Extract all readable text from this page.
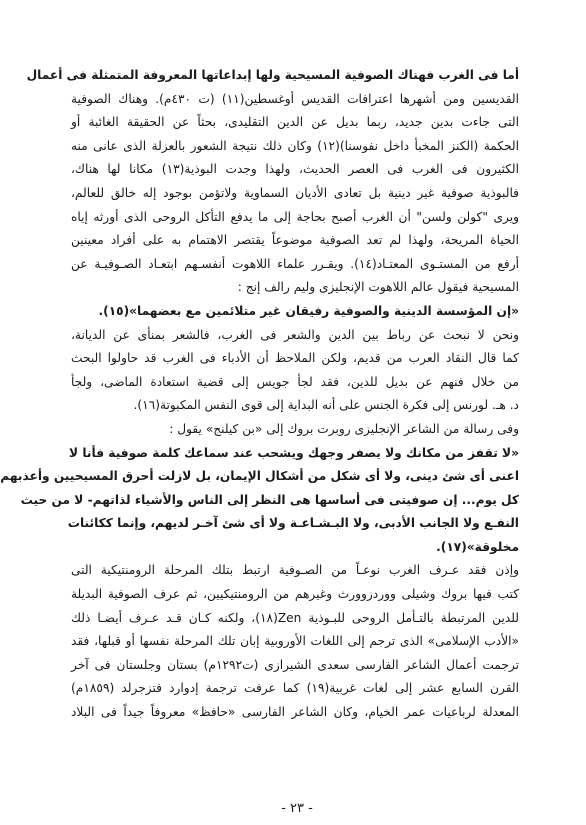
أما فى الغرب فهناك الصوفية المسيحية ولها إبداعاتها المعروفة المتمثلة فى أعمال
القديسين ومن أشهرها اعترافات القديس أوغسطين(١١) (ت ٤٣٠م). وهناك الصوفية
التى جاءت بدين جديد، ربما بديل عن الدين التقليدى، بحثاً عن الحقيقة الغائبة أو
الحكمة (الكنز المخبأ داخل نفوسنا)(١٢) وكان ذلك نتيجة الشعور بالعزلة الذى عانى منه
الكثيرون فى الغرب فى العصر الحديث، ولهذا وجدت البوذية(١٣) مكانا لها هناك،
فالبوذية صوفية غير دينية بل تعادى الأديان السماوية ولاتؤمن بوجود إله خالق للعالم،
ويرى "كولن ولسن" أن الغرب أصبح بحاجة إلى ما يدفع التأكل الروحى الذى أورثه إياه
الحياة المريحة، ولهذا لم تعد الصوفية موضوعاً يقتصر الاهتمام به على أفراد معينين
أرفع من المستـوى المعتـاد(١٤). ويقـرر علماء اللاهوت أنفسـهم ابتعـاد الصـوفيـة عن
المسيحية فيقول عالم اللاهوت الإنجليزى وليم رالف إنج :
«إن المؤسسة الدينية والصوفية رفيقان غير متلائمين مع بعضهما»(١٥).
ونحن لا نبحث عن رباط بين الدين والشعر فى الغرب، فالشعر بمنأى عن الديانة،
كما قال النقاد العرب من قديم، ولكن الملاحظ أن الأدباء فى الغرب قد حاولوا البحث
من خلال فنهم عن بديل للدين، فقد لجأ جويس إلى قضية استعادة الماضى، ولجأ
د. هـ. لورنس إلى فكرة الجنس على أنه البداية إلى قوى النفس المكبوتة(١٦).
وفى رسالة من الشاعر الإنجليزى روبرت بروك إلى «بن كيلنج» يقول :
«لا تقفز من مكانك ولا يصفر وجهك ويشحب عند سماعك كلمة صوفية فأنا لا
اعنى أى شئ دينى، ولا أى شكل من أشكال الإيمان، بل لازلت أحرق المسيحيين وأعذبهم
كل يوم... إن صوفيتى فى أساسها هى النظر إلى الناس والأشياء لذاتهم- لا من حيث
النفـع ولا الجانب الأدبى، ولا البـشـاعـة ولا أى شئ آخـر لديهم، وإنما ككائنات
مخلوقة»(١٧).
وإذن فقد عـرف الغرب نوعـاً من الصـوفية ارتبط بتلك المرحلة الرومنتيكية التى
كتب فيها بروك وشيلى ووردزوورث وغيرهم من الرومنتيكيين، ثم عرف الصوفية البديلة
للدين المرتبطة بالتـأمل الروحى للبـوذية Zen(١٨)، ولكنه كـان قـد عـرف أيضـا ذلك
«الأدب الإسلامى» الذى ترجم إلى اللغات الأوروبية إبان تلك المرحلة نفسها أو قبلها، فقد
ترجمت أعمال الشاعر الفارسى سعدى الشيرازى (ت١٢٩٢م) بستان وجلستان فى آخر
القرن السابع عشر إلى لغات غربية(١٩) كما عرفت ترجمة إدوارد فتزجرلد (١٨٥٩م)
المعدلة لرباعيات عمر الخيام، وكان الشاعر الفارسى «حافظ» معروفاً جيداً فى البلاد
- ٢٣ -
